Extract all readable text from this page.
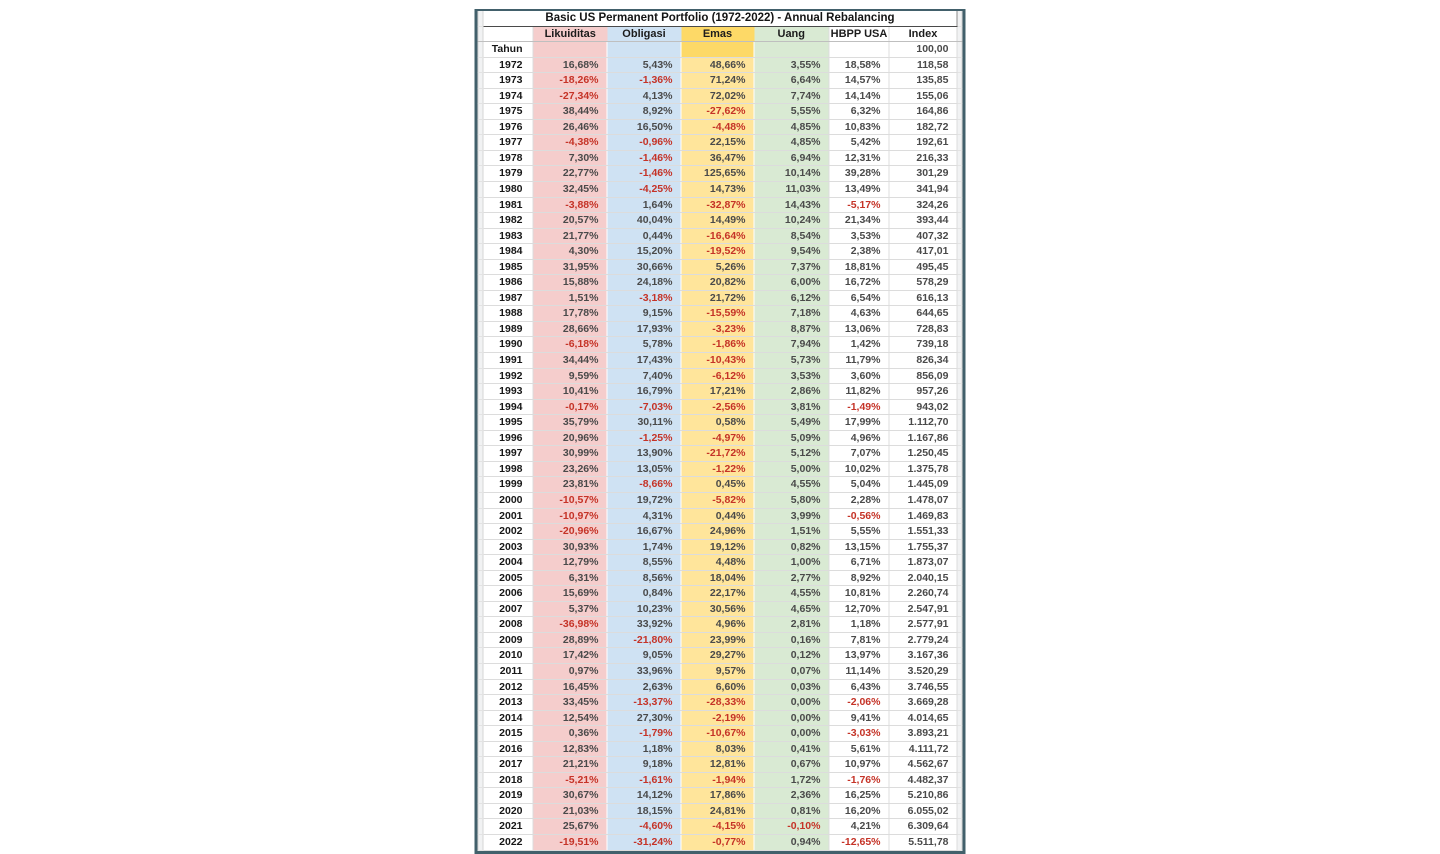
	Basic US Permanent Portfolio (1972-2022) - Annual Rebalancing							
		Likuiditas	Obligasi	Emas	Uang	HBPP USA	Index	
	Tahun						100,00	
	1972	16,68%	5,43%	48,66%	3,55%	18,58%	118,58	
	1973	-18,26%	-1,36%	71,24%	6,64%	14,57%	135,85	
	1974	-27,34%	4,13%	72,02%	7,74%	14,14%	155,06	
	1975	38,44%	8,92%	-27,62%	5,55%	6,32%	164,86	
	1976	26,46%	16,50%	-4,48%	4,85%	10,83%	182,72	
	1977	-4,38%	-0,96%	22,15%	4,85%	5,42%	192,61	
	1978	7,30%	-1,46%	36,47%	6,94%	12,31%	216,33	
	1979	22,77%	-1,46%	125,65%	10,14%	39,28%	301,29	
	1980	32,45%	-4,25%	14,73%	11,03%	13,49%	341,94	
	1981	-3,88%	1,64%	-32,87%	14,43%	-5,17%	324,26	
	1982	20,57%	40,04%	14,49%	10,24%	21,34%	393,44	
	1983	21,77%	0,44%	-16,64%	8,54%	3,53%	407,32	
	1984	4,30%	15,20%	-19,52%	9,54%	2,38%	417,01	
	1985	31,95%	30,66%	5,26%	7,37%	18,81%	495,45	
	1986	15,88%	24,18%	20,82%	6,00%	16,72%	578,29	
	1987	1,51%	-3,18%	21,72%	6,12%	6,54%	616,13	
	1988	17,78%	9,15%	-15,59%	7,18%	4,63%	644,65	
	1989	28,66%	17,93%	-3,23%	8,87%	13,06%	728,83	
	1990	-6,18%	5,78%	-1,86%	7,94%	1,42%	739,18	
	1991	34,44%	17,43%	-10,43%	5,73%	11,79%	826,34	
	1992	9,59%	7,40%	-6,12%	3,53%	3,60%	856,09	
	1993	10,41%	16,79%	17,21%	2,86%	11,82%	957,26	
	1994	-0,17%	-7,03%	-2,56%	3,81%	-1,49%	943,02	
	1995	35,79%	30,11%	0,58%	5,49%	17,99%	1.112,70	
	1996	20,96%	-1,25%	-4,97%	5,09%	4,96%	1.167,86	
	1997	30,99%	13,90%	-21,72%	5,12%	7,07%	1.250,45	
	1998	23,26%	13,05%	-1,22%	5,00%	10,02%	1.375,78	
	1999	23,81%	-8,66%	0,45%	4,55%	5,04%	1.445,09	
	2000	-10,57%	19,72%	-5,82%	5,80%	2,28%	1.478,07	
	2001	-10,97%	4,31%	0,44%	3,99%	-0,56%	1.469,83	
	2002	-20,96%	16,67%	24,96%	1,51%	5,55%	1.551,33	
	2003	30,93%	1,74%	19,12%	0,82%	13,15%	1.755,37	
	2004	12,79%	8,55%	4,48%	1,00%	6,71%	1.873,07	
	2005	6,31%	8,56%	18,04%	2,77%	8,92%	2.040,15	
	2006	15,69%	0,84%	22,17%	4,55%	10,81%	2.260,74	
	2007	5,37%	10,23%	30,56%	4,65%	12,70%	2.547,91	
	2008	-36,98%	33,92%	4,96%	2,81%	1,18%	2.577,91	
	2009	28,89%	-21,80%	23,99%	0,16%	7,81%	2.779,24	
	2010	17,42%	9,05%	29,27%	0,12%	13,97%	3.167,36	
	2011	0,97%	33,96%	9,57%	0,07%	11,14%	3.520,29	
	2012	16,45%	2,63%	6,60%	0,03%	6,43%	3.746,55	
	2013	33,45%	-13,37%	-28,33%	0,00%	-2,06%	3.669,28	
	2014	12,54%	27,30%	-2,19%	0,00%	9,41%	4.014,65	
	2015	0,36%	-1,79%	-10,67%	0,00%	-3,03%	3.893,21	
	2016	12,83%	1,18%	8,03%	0,41%	5,61%	4.111,72	
	2017	21,21%	9,18%	12,81%	0,67%	10,97%	4.562,67	
	2018	-5,21%	-1,61%	-1,94%	1,72%	-1,76%	4.482,37	
	2019	30,67%	14,12%	17,86%	2,36%	16,25%	5.210,86	
	2020	21,03%	18,15%	24,81%	0,81%	16,20%	6.055,02	
	2021	25,67%	-4,60%	-4,15%	-0,10%	4,21%	6.309,64	
	2022	-19,51%	-31,24%	-0,77%	0,94%	-12,65%	5.511,78	
